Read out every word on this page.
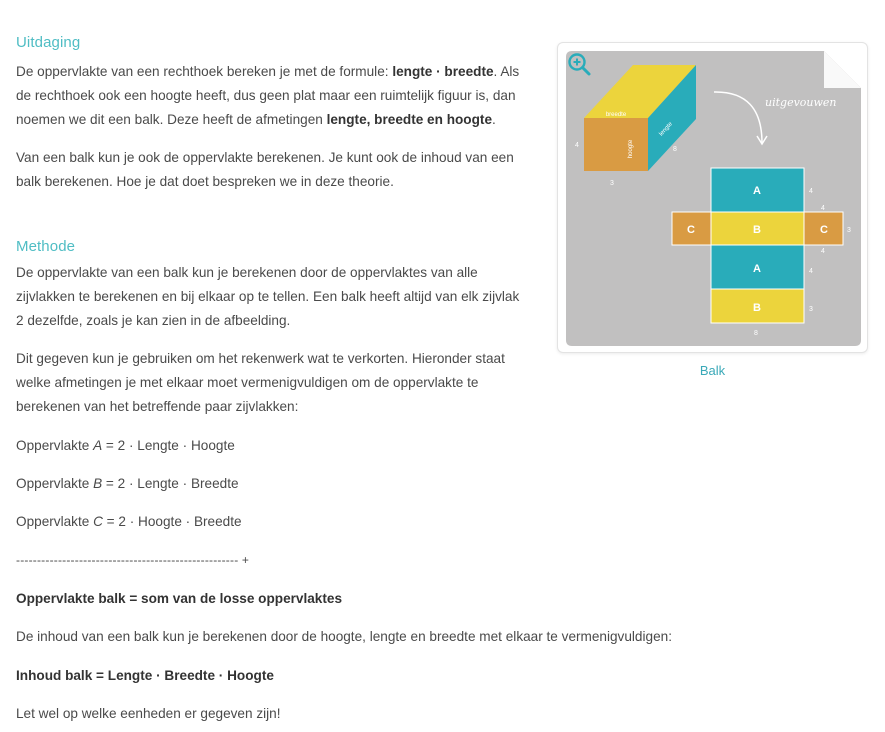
Uitdaging

De oppervlakte van een rechthoek bereken je met de formule: lengte · breedte. Als
de rechthoek ook een hoogte heeft, dus geen plat maar een ruimtelijk figuur is, dan
noemen we dit een balk. Deze heeft de afmetingen lengte, breedte en hoogte.

Van een balk kun je ook de oppervlakte berekenen. Je kunt ook de inhoud van een
balk berekenen. Hoe je dat doet bespreken we in deze theorie.

Methode

De oppervlakte van een balk kun je berekenen door de oppervlaktes van alle
zijvlakken te berekenen en bij elkaar op te tellen. Een balk heeft altijd van elk zijvlak
2 dezelfde, zoals je kan zien in de afbeelding.

Dit gegeven kun je gebruiken om het rekenwerk wat te verkorten. Hieronder staat
welke afmetingen je met elkaar moet vermenigvuldigen om de oppervlakte te
berekenen van het betreffende paar zijvlakken:

Oppervlakte A = 2 · Lengte · Hoogte

Oppervlakte B = 2 · Lengte · Breedte

Oppervlakte C = 2 · Hoogte · Breedte

----------------------------------------------------- +

Oppervlakte balk = som van de losse oppervlaktes

De inhoud van een balk kun je berekenen door de hoogte, lengte en breedte met elkaar te vermenigvuldigen:

Inhoud balk = Lengte · Breedte · Hoogte

Let wel op welke eenheden er gegeven zijn!

breedte
hoogte
lengte
4
3
8
uitgevouwen
A
C	B	C
A
B
4
4
3
4
4
3
8
Balk
